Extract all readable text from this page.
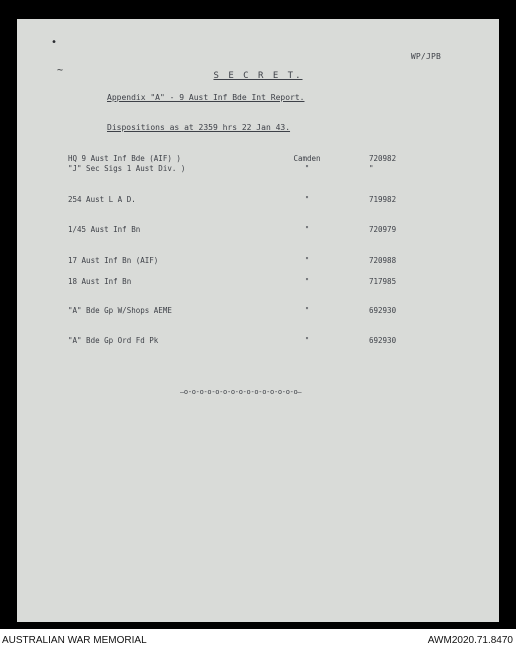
•
~
WP/JPB
S E C R E T.
Appendix "A" - 9 Aust Inf Bde Int Report.
Dispositions as at 2359 hrs 22 Jan 43.
HQ 9 Aust Inf Bde (AIF) )	Camden	720982
"J" Sec Sigs 1 Aust Div. )	"	"
254 Aust L A D.	"	719982
1/45 Aust Inf Bn	"	720979
17 Aust Inf Bn (AIF)	"	720988
18 Aust Inf Bn	"	717985
"A" Bde Gp W/Shops AEME	"	692930
"A" Bde Gp Ord Fd Pk	"	692930
—o-o-o-o-o-o-o-o-o-o-o-o-o-o-o—
AUSTRALIAN WAR MEMORIAL	AWM2020.71.8470
